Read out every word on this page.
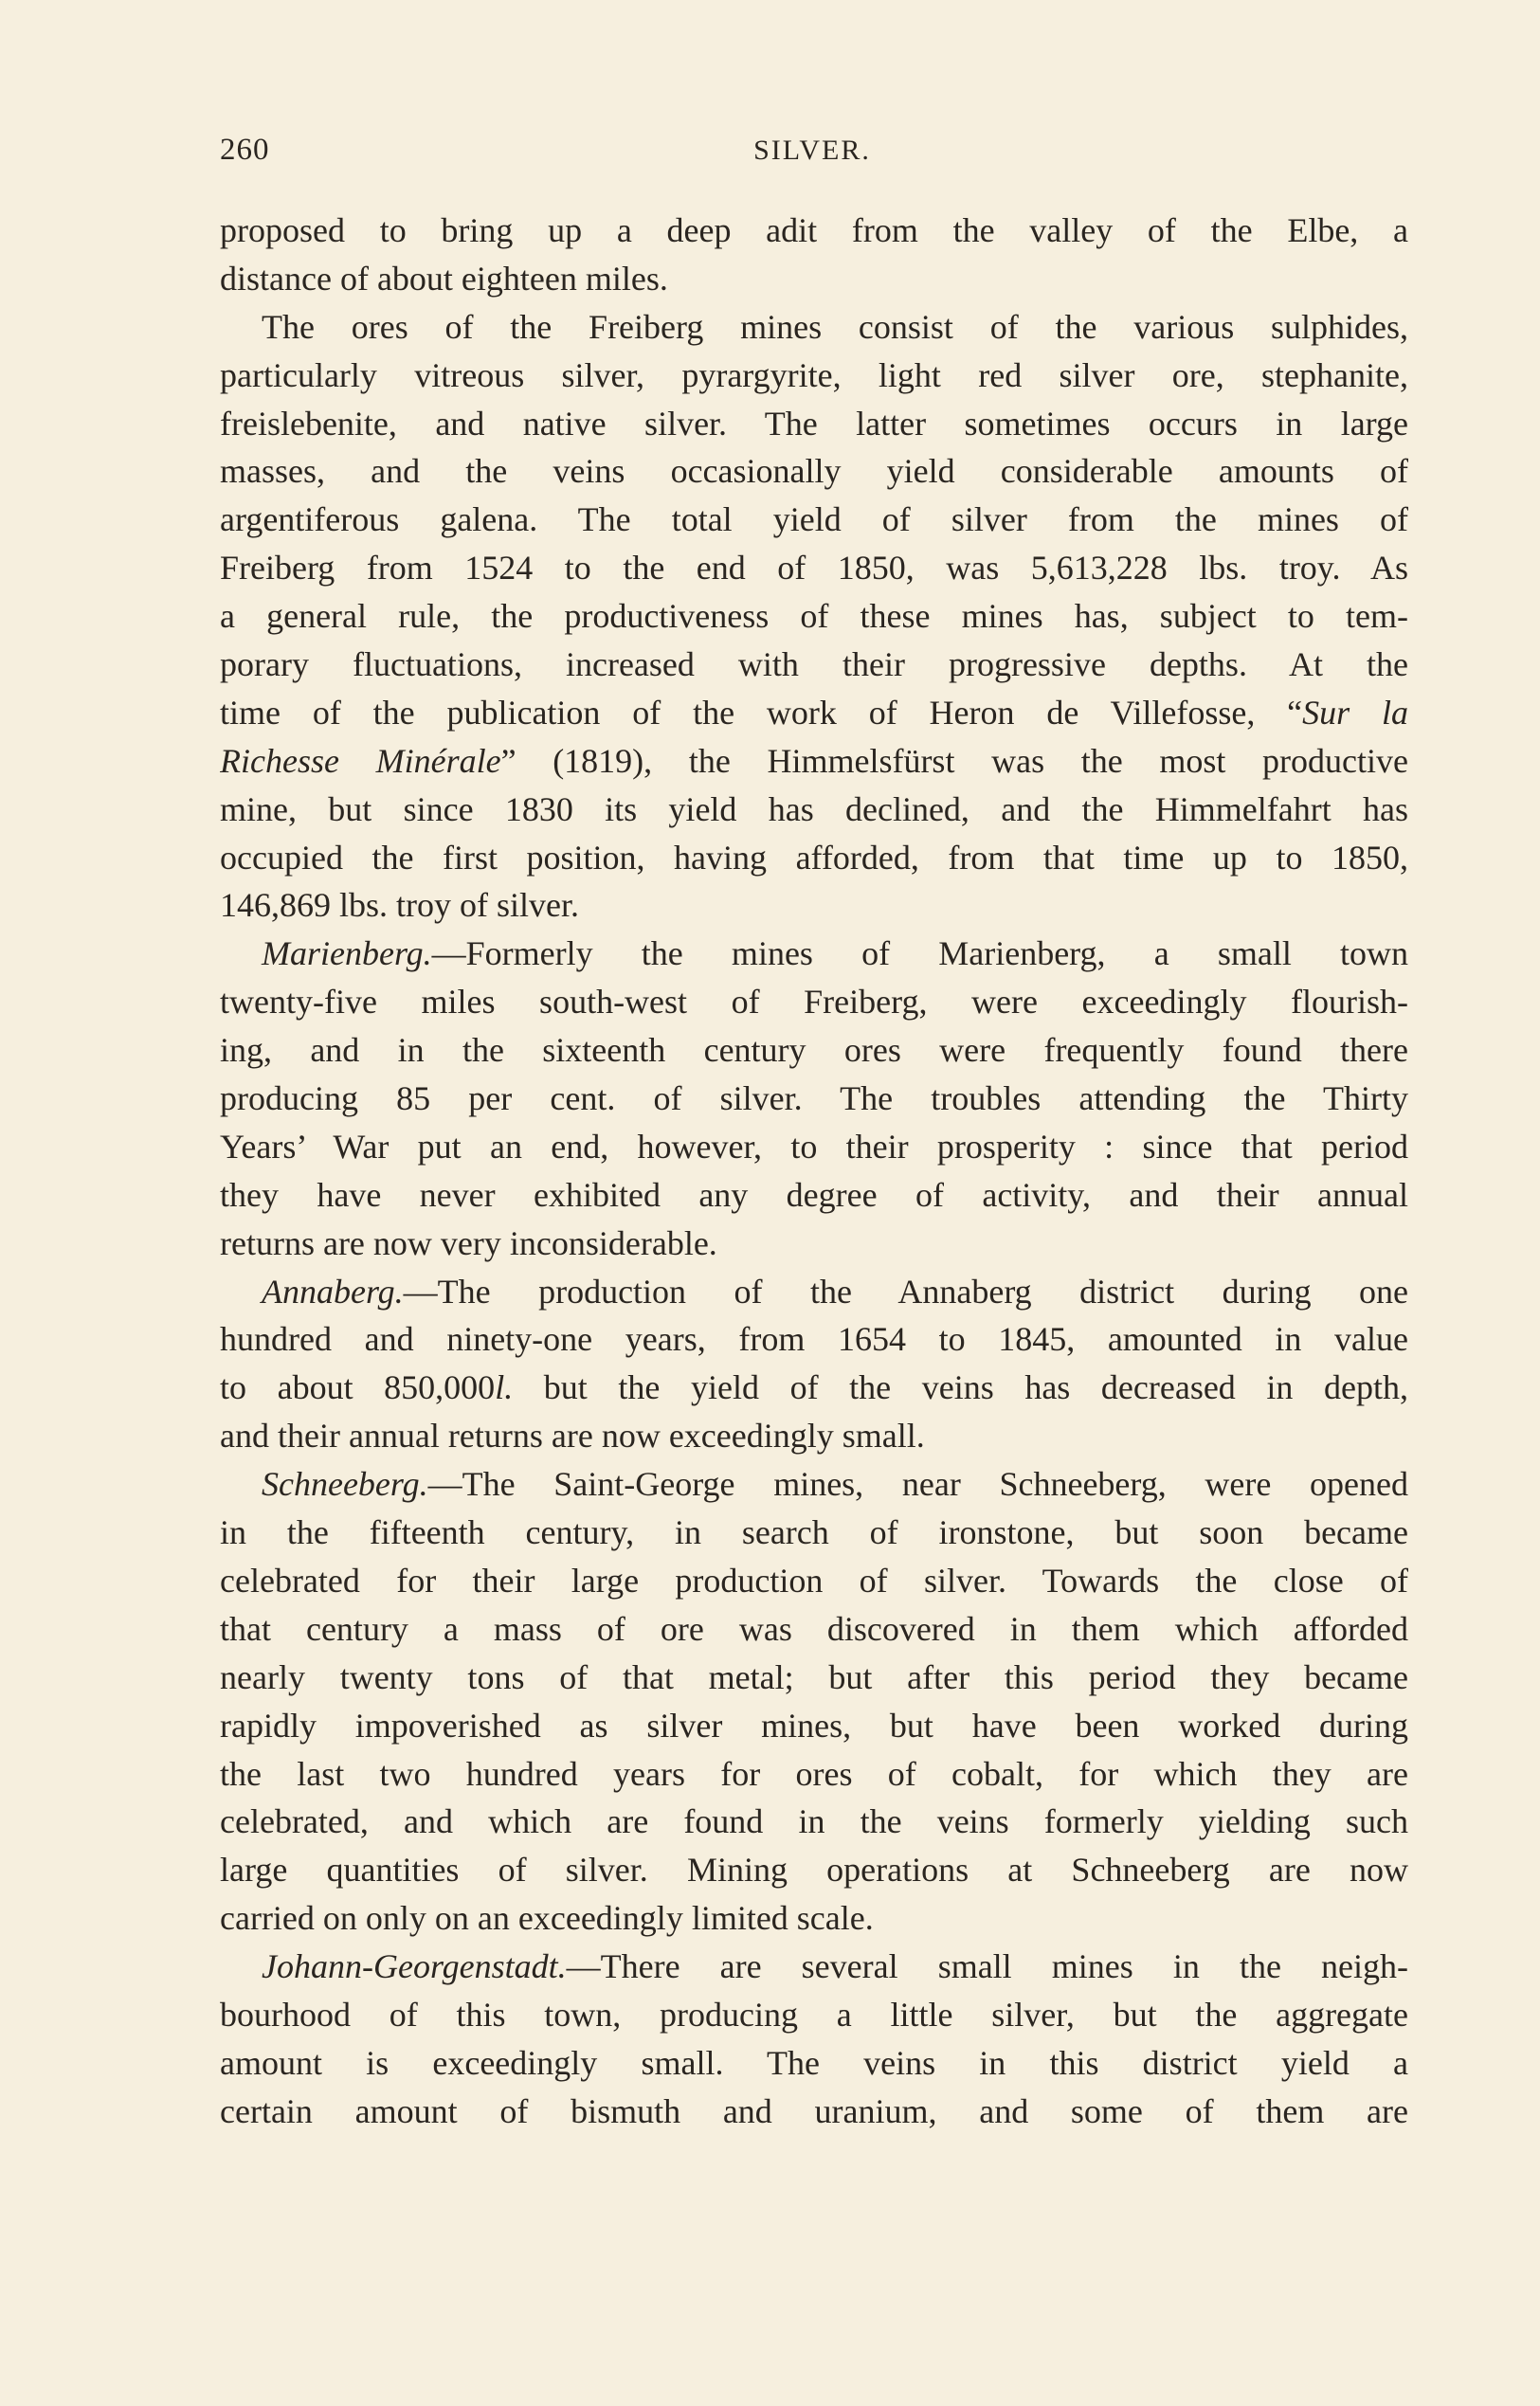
260	SILVER.
proposed to bring up a deep adit from the valley of the Elbe, a
distance of about eighteen miles.
The ores of the Freiberg mines consist of the various sulphides,
particularly vitreous silver, pyrargyrite, light red silver ore, stephanite,
freislebenite, and native silver. The latter sometimes occurs in large
masses, and the veins occasionally yield considerable amounts of
argentiferous galena. The total yield of silver from the mines of
Freiberg from 1524 to the end of 1850, was 5,613,228 lbs. troy. As
a general rule, the productiveness of these mines has, subject to tem-
porary fluctuations, increased with their progressive depths. At the
time of the publication of the work of Heron de Villefosse, “Sur la
Richesse Minérale” (1819), the Himmelsfürst was the most productive
mine, but since 1830 its yield has declined, and the Himmelfahrt has
occupied the first position, having afforded, from that time up to 1850,
146,869 lbs. troy of silver.
Marienberg.—Formerly the mines of Marienberg, a small town
twenty-five miles south-west of Freiberg, were exceedingly flourish-
ing, and in the sixteenth century ores were frequently found there
producing 85 per cent. of silver. The troubles attending the Thirty
Years’ War put an end, however, to their prosperity : since that period
they have never exhibited any degree of activity, and their annual
returns are now very inconsiderable.
Annaberg.—The production of the Annaberg district during one
hundred and ninety-one years, from 1654 to 1845, amounted in value
to about 850,000l. but the yield of the veins has decreased in depth,
and their annual returns are now exceedingly small.
Schneeberg.—The Saint-George mines, near Schneeberg, were opened
in the fifteenth century, in search of ironstone, but soon became
celebrated for their large production of silver. Towards the close of
that century a mass of ore was discovered in them which afforded
nearly twenty tons of that metal; but after this period they became
rapidly impoverished as silver mines, but have been worked during
the last two hundred years for ores of cobalt, for which they are
celebrated, and which are found in the veins formerly yielding such
large quantities of silver. Mining operations at Schneeberg are now
carried on only on an exceedingly limited scale.
Johann-Georgenstadt.—There are several small mines in the neigh-
bourhood of this town, producing a little silver, but the aggregate
amount is exceedingly small. The veins in this district yield a
certain amount of bismuth and uranium, and some of them are
